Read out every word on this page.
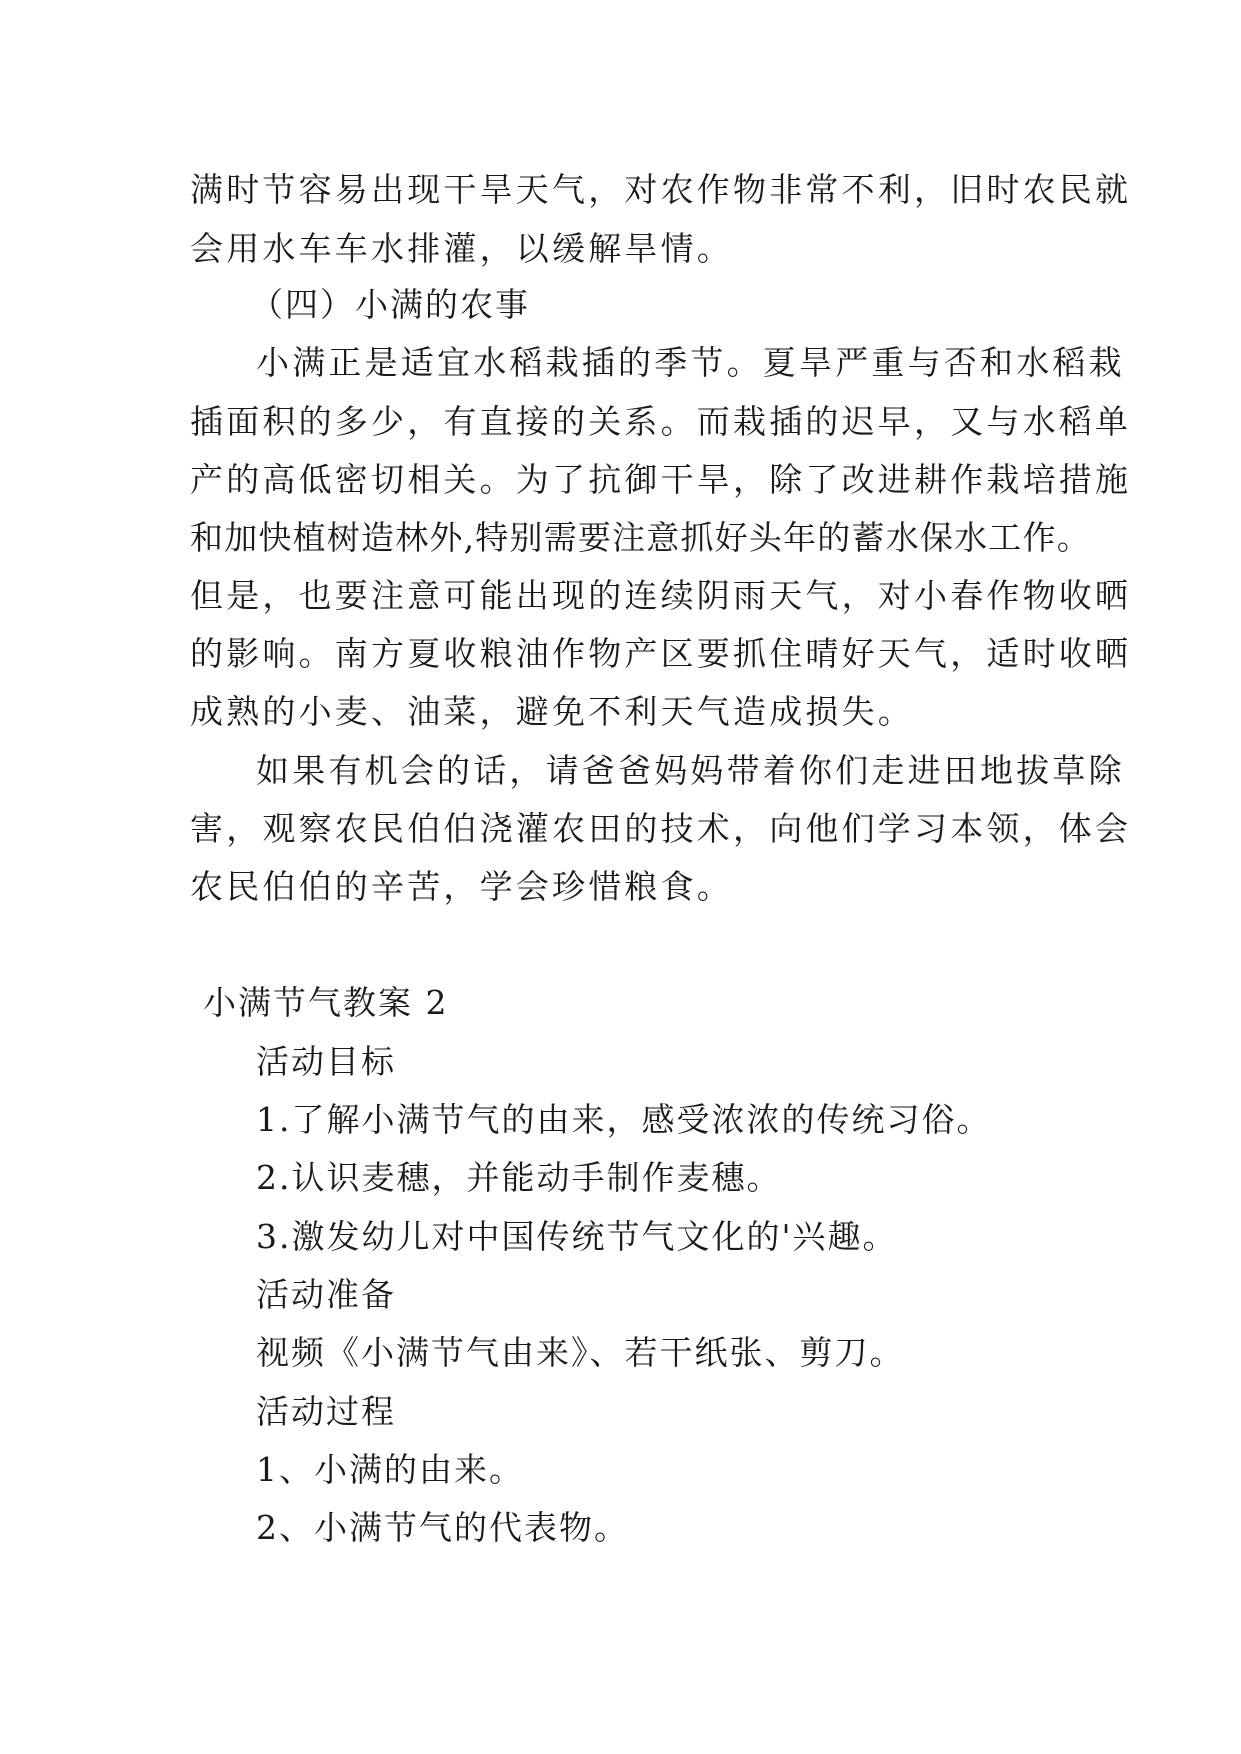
满时节容易出现干旱天气，对农作物非常不利，旧时农民就

会用水车车水排灌，以缓解旱情。

（四）小满的农事

小满正是适宜水稻栽插的季节。夏旱严重与否和水稻栽

插面积的多少，有直接的关系。而栽插的迟早，又与水稻单

产的高低密切相关。为了抗御干旱，除了改进耕作栽培措施

和加快植树造林外,特别需要注意抓好头年的蓄水保水工作。

但是，也要注意可能出现的连续阴雨天气，对小春作物收晒

的影响。南方夏收粮油作物产区要抓住晴好天气，适时收晒

成熟的小麦、油菜，避免不利天气造成损失。

如果有机会的话，请爸爸妈妈带着你们走进田地拔草除

害，观察农民伯伯浇灌农田的技术，向他们学习本领，体会

农民伯伯的辛苦，学会珍惜粮食。

小满节气教案 2

活动目标

1.了解小满节气的由来，感受浓浓的传统习俗。

2.认识麦穗，并能动手制作麦穗。

3.激发幼儿对中国传统节气文化的'兴趣。

活动准备

视频《小满节气由来》、若干纸张、剪刀。

活动过程

1、小满的由来。

2、小满节气的代表物。
